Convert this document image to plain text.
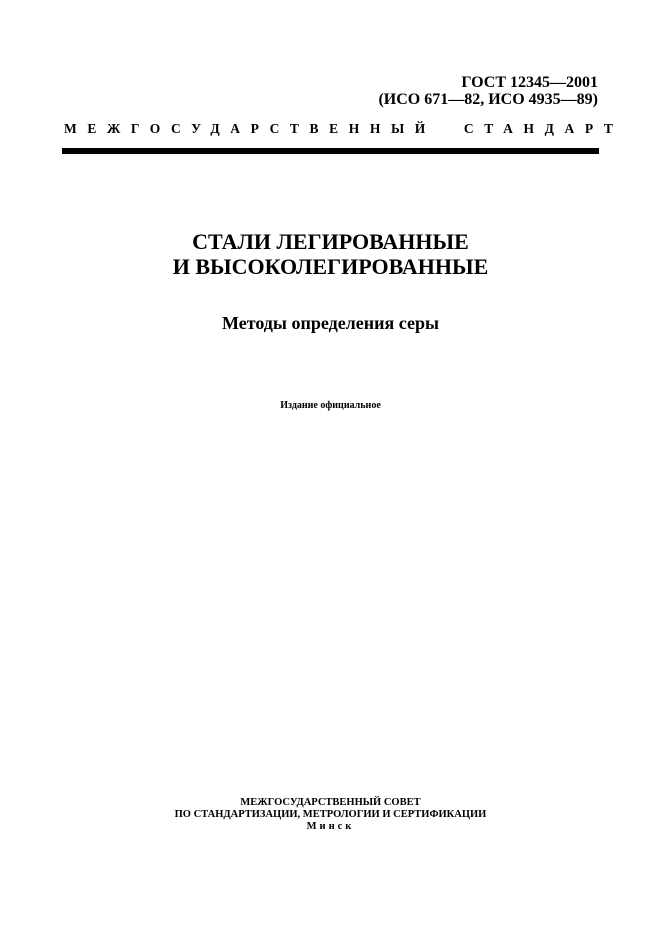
ГОСТ 12345—2001
(ИСО 671—82, ИСО 4935—89)
МЕЖГОСУДАРСТВЕННЫЙ СТАНДАРТ
СТАЛИ ЛЕГИРОВАННЫЕ
И ВЫСОКОЛЕГИРОВАННЫЕ
Методы определения серы
Издание официальное
МЕЖГОСУДАРСТВЕННЫЙ СОВЕТ
ПО СТАНДАРТИЗАЦИИ, МЕТРОЛОГИИ И СЕРТИФИКАЦИИ
Минск
